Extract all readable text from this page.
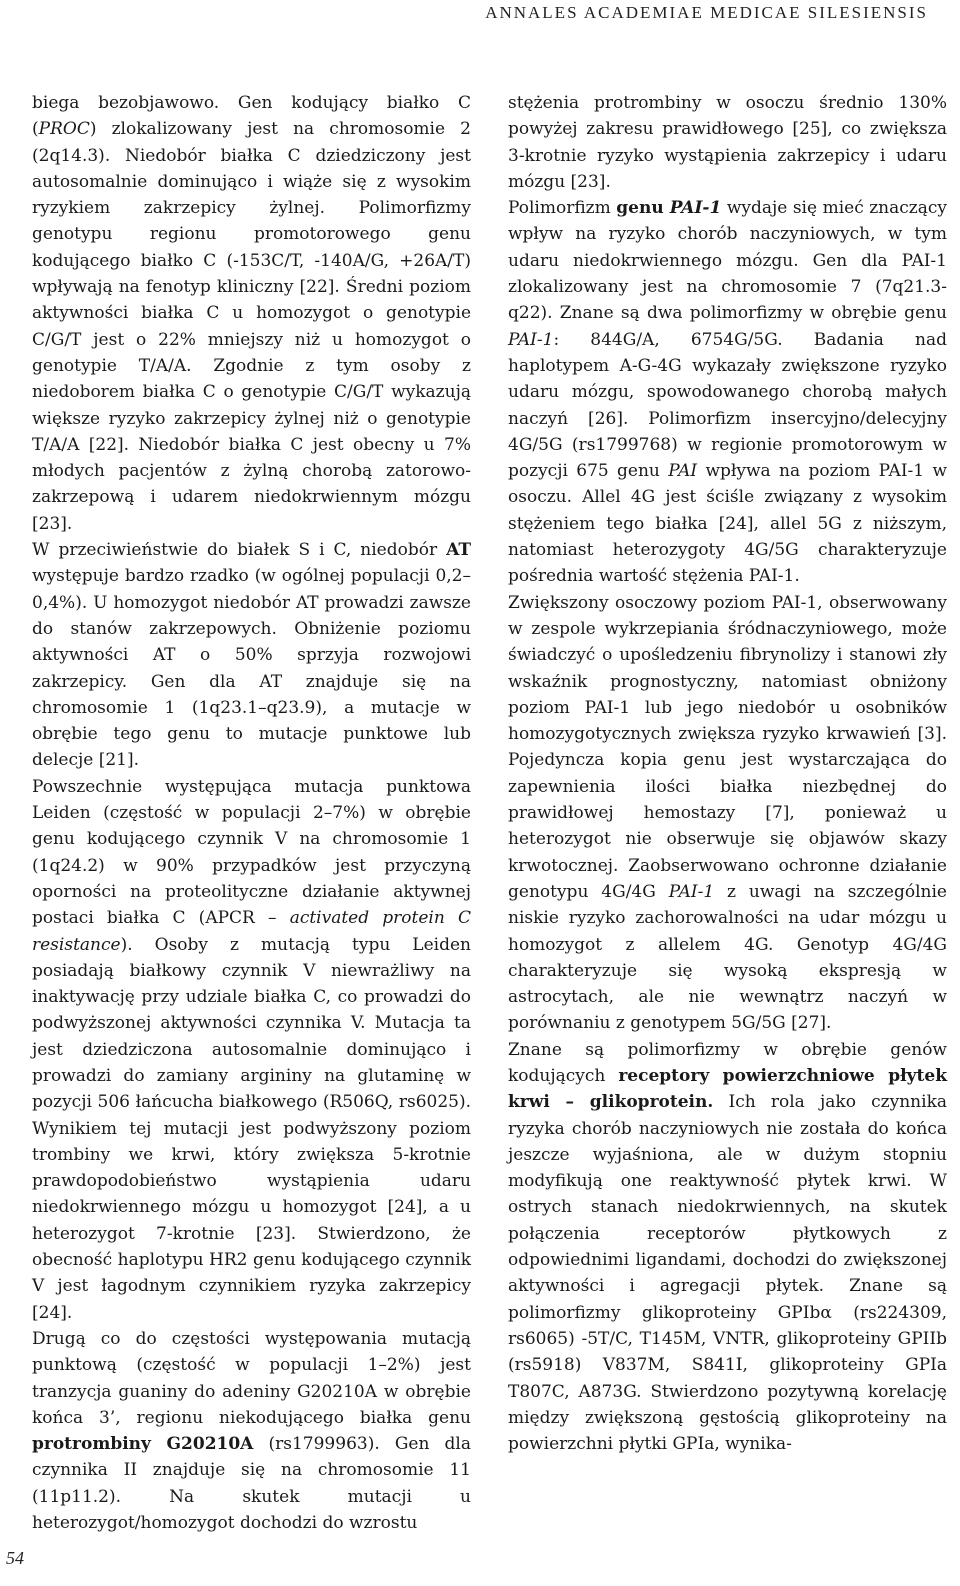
ANNALES ACADEMIAE MEDICAE SILESIENSIS

biega bezobjawowo. Gen kodujący białko C (PROC) zlokalizowany jest na chromosomie 2 (2q14.3). Niedobór białka C dziedziczony jest autosomalnie dominująco i wiąże się z wysokim ryzykiem zakrzepicy żylnej. Polimorfizmy genotypu regionu promotorowego genu kodującego białko C (-153C/T, -140A/G, +26A/T) wpływają na fenotyp kliniczny [22]. Średni poziom aktywności białka C u homozygot o genotypie C/G/T jest o 22% mniejszy niż u homozygot o genotypie T/A/A. Zgodnie z tym osoby z niedoborem białka C o genotypie C/G/T wykazują większe ryzyko zakrzepicy żylnej niż o genotypie T/A/A [22]. Niedobór białka C jest obecny u 7% młodych pacjentów z żylną chorobą zatorowo-zakrzepową i udarem niedokrwiennym mózgu [23].

W przeciwieństwie do białek S i C, niedobór AT występuje bardzo rzadko (w ogólnej populacji 0,2–0,4%). U homozygot niedobór AT prowadzi zawsze do stanów zakrzepowych. Obniżenie poziomu aktywności AT o 50% sprzyja rozwojowi zakrzepicy. Gen dla AT znajduje się na chromosomie 1 (1q23.1–q23.9), a mutacje w obrębie tego genu to mutacje punktowe lub delecje [21].

Powszechnie występująca mutacja punktowa Leiden (częstość w populacji 2–7%) w obrębie genu kodującego czynnik V na chromosomie 1 (1q24.2) w 90% przypadków jest przyczyną oporności na proteolityczne działanie aktywnej postaci białka C (APCR – activated protein C resistance). Osoby z mutacją typu Leiden posiadają białkowy czynnik V niewrażliwy na inaktywację przy udziale białka C, co prowadzi do podwyższonej aktywności czynnika V. Mutacja ta jest dziedziczona autosomalnie dominująco i prowadzi do zamiany argininy na glutaminę w pozycji 506 łańcucha białkowego (R506Q, rs6025). Wynikiem tej mutacji jest podwyższony poziom trombiny we krwi, który zwiększa 5-krotnie prawdopodobieństwo wystąpienia udaru niedokrwiennego mózgu u homozygot [24], a u heterozygot 7-krotnie [23]. Stwierdzono, że obecność haplotypu HR2 genu kodującego czynnik V jest łagodnym czynnikiem ryzyka zakrzepicy [24].

Drugą co do częstości występowania mutacją punktową (częstość w populacji 1–2%) jest tranzycja guaniny do adeniny G20210A w obrębie końca 3’, regionu niekodującego białka genu protrombiny G20210A (rs1799963). Gen dla czynnika II znajduje się na chromosomie 11 (11p11.2). Na skutek mutacji u heterozygot/homozygot dochodzi do wzrostu

stężenia protrombiny w osoczu średnio 130% powyżej zakresu prawidłowego [25], co zwiększa 3-krotnie ryzyko wystąpienia zakrzepicy i udaru mózgu [23].

Polimorfizm genu PAI-1 wydaje się mieć znaczący wpływ na ryzyko chorób naczyniowych, w tym udaru niedokrwiennego mózgu. Gen dla PAI-1 zlokalizowany jest na chromosomie 7 (7q21.3-q22). Znane są dwa polimorfizmy w obrębie genu PAI-1: 844G/A, 6754G/5G. Badania nad haplotypem A-G-4G wykazały zwiększone ryzyko udaru mózgu, spowodowanego chorobą małych naczyń [26]. Polimorfizm insercyjno/delecyjny 4G/5G (rs1799768) w regionie promotorowym w pozycji 675 genu PAI wpływa na poziom PAI-1 w osoczu. Allel 4G jest ściśle związany z wysokim stężeniem tego białka [24], allel 5G z niższym, natomiast heterozygoty 4G/5G charakteryzuje pośrednia wartość stężenia PAI-1.

Zwiększony osoczowy poziom PAI-1, obserwowany w zespole wykrzepiania śródnaczyniowego, może świadczyć o upośledzeniu fibrynolizy i stanowi zły wskaźnik prognostyczny, natomiast obniżony poziom PAI-1 lub jego niedobór u osobników homozygotycznych zwiększa ryzyko krwawień [3]. Pojedyncza kopia genu jest wystarczająca do zapewnienia ilości białka niezbędnej do prawidłowej hemostazy [7], ponieważ u heterozygot nie obserwuje się objawów skazy krwotocznej. Zaobserwowano ochronne działanie genotypu 4G/4G PAI-1 z uwagi na szczególnie niskie ryzyko zachorowalności na udar mózgu u homozygot z allelem 4G. Genotyp 4G/4G charakteryzuje się wysoką ekspresją w astrocytach, ale nie wewnątrz naczyń w porównaniu z genotypem 5G/5G [27].

Znane są polimorfizmy w obrębie genów kodujących receptory powierzchniowe płytek krwi – glikoprotein. Ich rola jako czynnika ryzyka chorób naczyniowych nie została do końca jeszcze wyjaśniona, ale w dużym stopniu modyfikują one reaktywność płytek krwi. W ostrych stanach niedokrwiennych, na skutek połączenia receptorów płytkowych z odpowiednimi ligandami, dochodzi do zwiększonej aktywności i agregacji płytek. Znane są polimorfizmy glikoproteiny GPIbα (rs224309, rs6065) -5T/C, T145M, VNTR, glikoproteiny GPIIb (rs5918) V837M, S841I, glikoproteiny GPIa T807C, A873G. Stwierdzono pozytywną korelację między zwiększoną gęstością glikoproteiny na powierzchni płytki GPIa, wynika-

54
